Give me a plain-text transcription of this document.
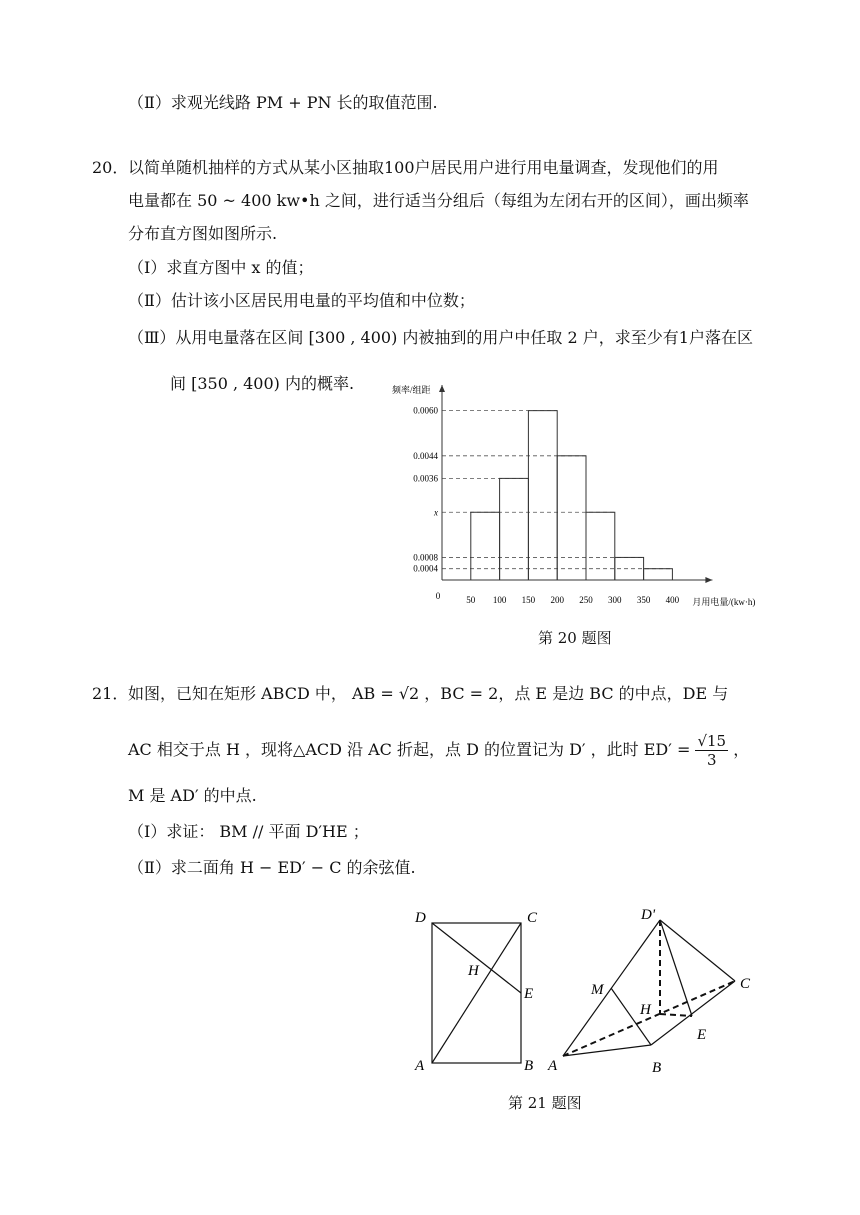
（Ⅱ）求观光线路 PM + PN 长的取值范围.
20． 以简单随机抽样的方式从某小区抽取100户居民用户进行用电量调查，发现他们的用
电量都在 50 ~ 400 kw•h 之间，进行适当分组后（每组为左闭右开的区间），画出频率
分布直方图如图所示.
（Ⅰ）求直方图中 x 的值；
（Ⅱ）估计该小区居民用电量的平均值和中位数；
（Ⅲ）从用电量落在区间 [300 , 400) 内被抽到的用户中任取 2 户，求至少有1户落在区
间 [350 , 400) 内的概率.
0.0004
0.0008
x
0.0036
0.0044
0.0060
0	50 100 150 200 250 300 350 400
频率/组距
月用电量/(kw·h)
第 20 题图
21． 如图，已知在矩形 ABCD 中， AB = √2 ，BC = 2，点 E 是边 BC 的中点，DE 与
AC 相交于点 H ，现将△ACD 沿 AC 折起，点 D 的位置记为 D′ ，此时 $ED' = \frac{√15}{3}$ ，
M 是 AD′ 的中点.
（Ⅰ）求证： BM // 平面 D′HE ；
（Ⅱ）求二面角 H − ED′ − C 的余弦值.
D	C
H
E
A	B
D'
C
M
H
E
A	B
第 21 题图
